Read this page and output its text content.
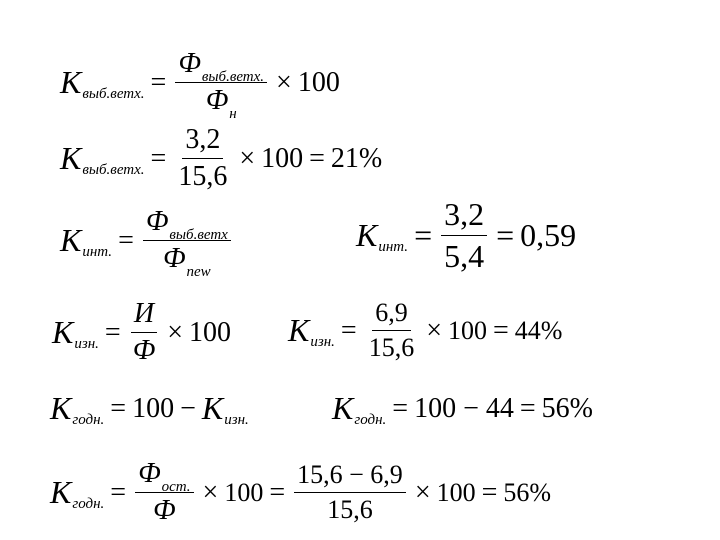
K выб.ветх. = $\frac{\text{Ф выб.ветх.}}{\text{Ф н}} \times 100$
K выб.ветх. = $\frac{3,2}{15,6} \times 100 = 21\%$
K инт. = $\frac{\text{Ф выб.ветх}}{\text{Ф new}}$	K инт. = $\frac{3,2}{5,4} = 0,59$
K изн. = $\frac{И}{Ф} \times 100$ K изн. = $\frac{6,9}{15,6} \times 100 = 44\%$
K годн. = 100 − K изн.	K годн. = 100 − 44 = 56%
K годн. = $\frac{\text{Ф ост.}}{Ф} \times 100 = \frac{15,6 - 6,9}{15,6} \times 100 = 56\%$
